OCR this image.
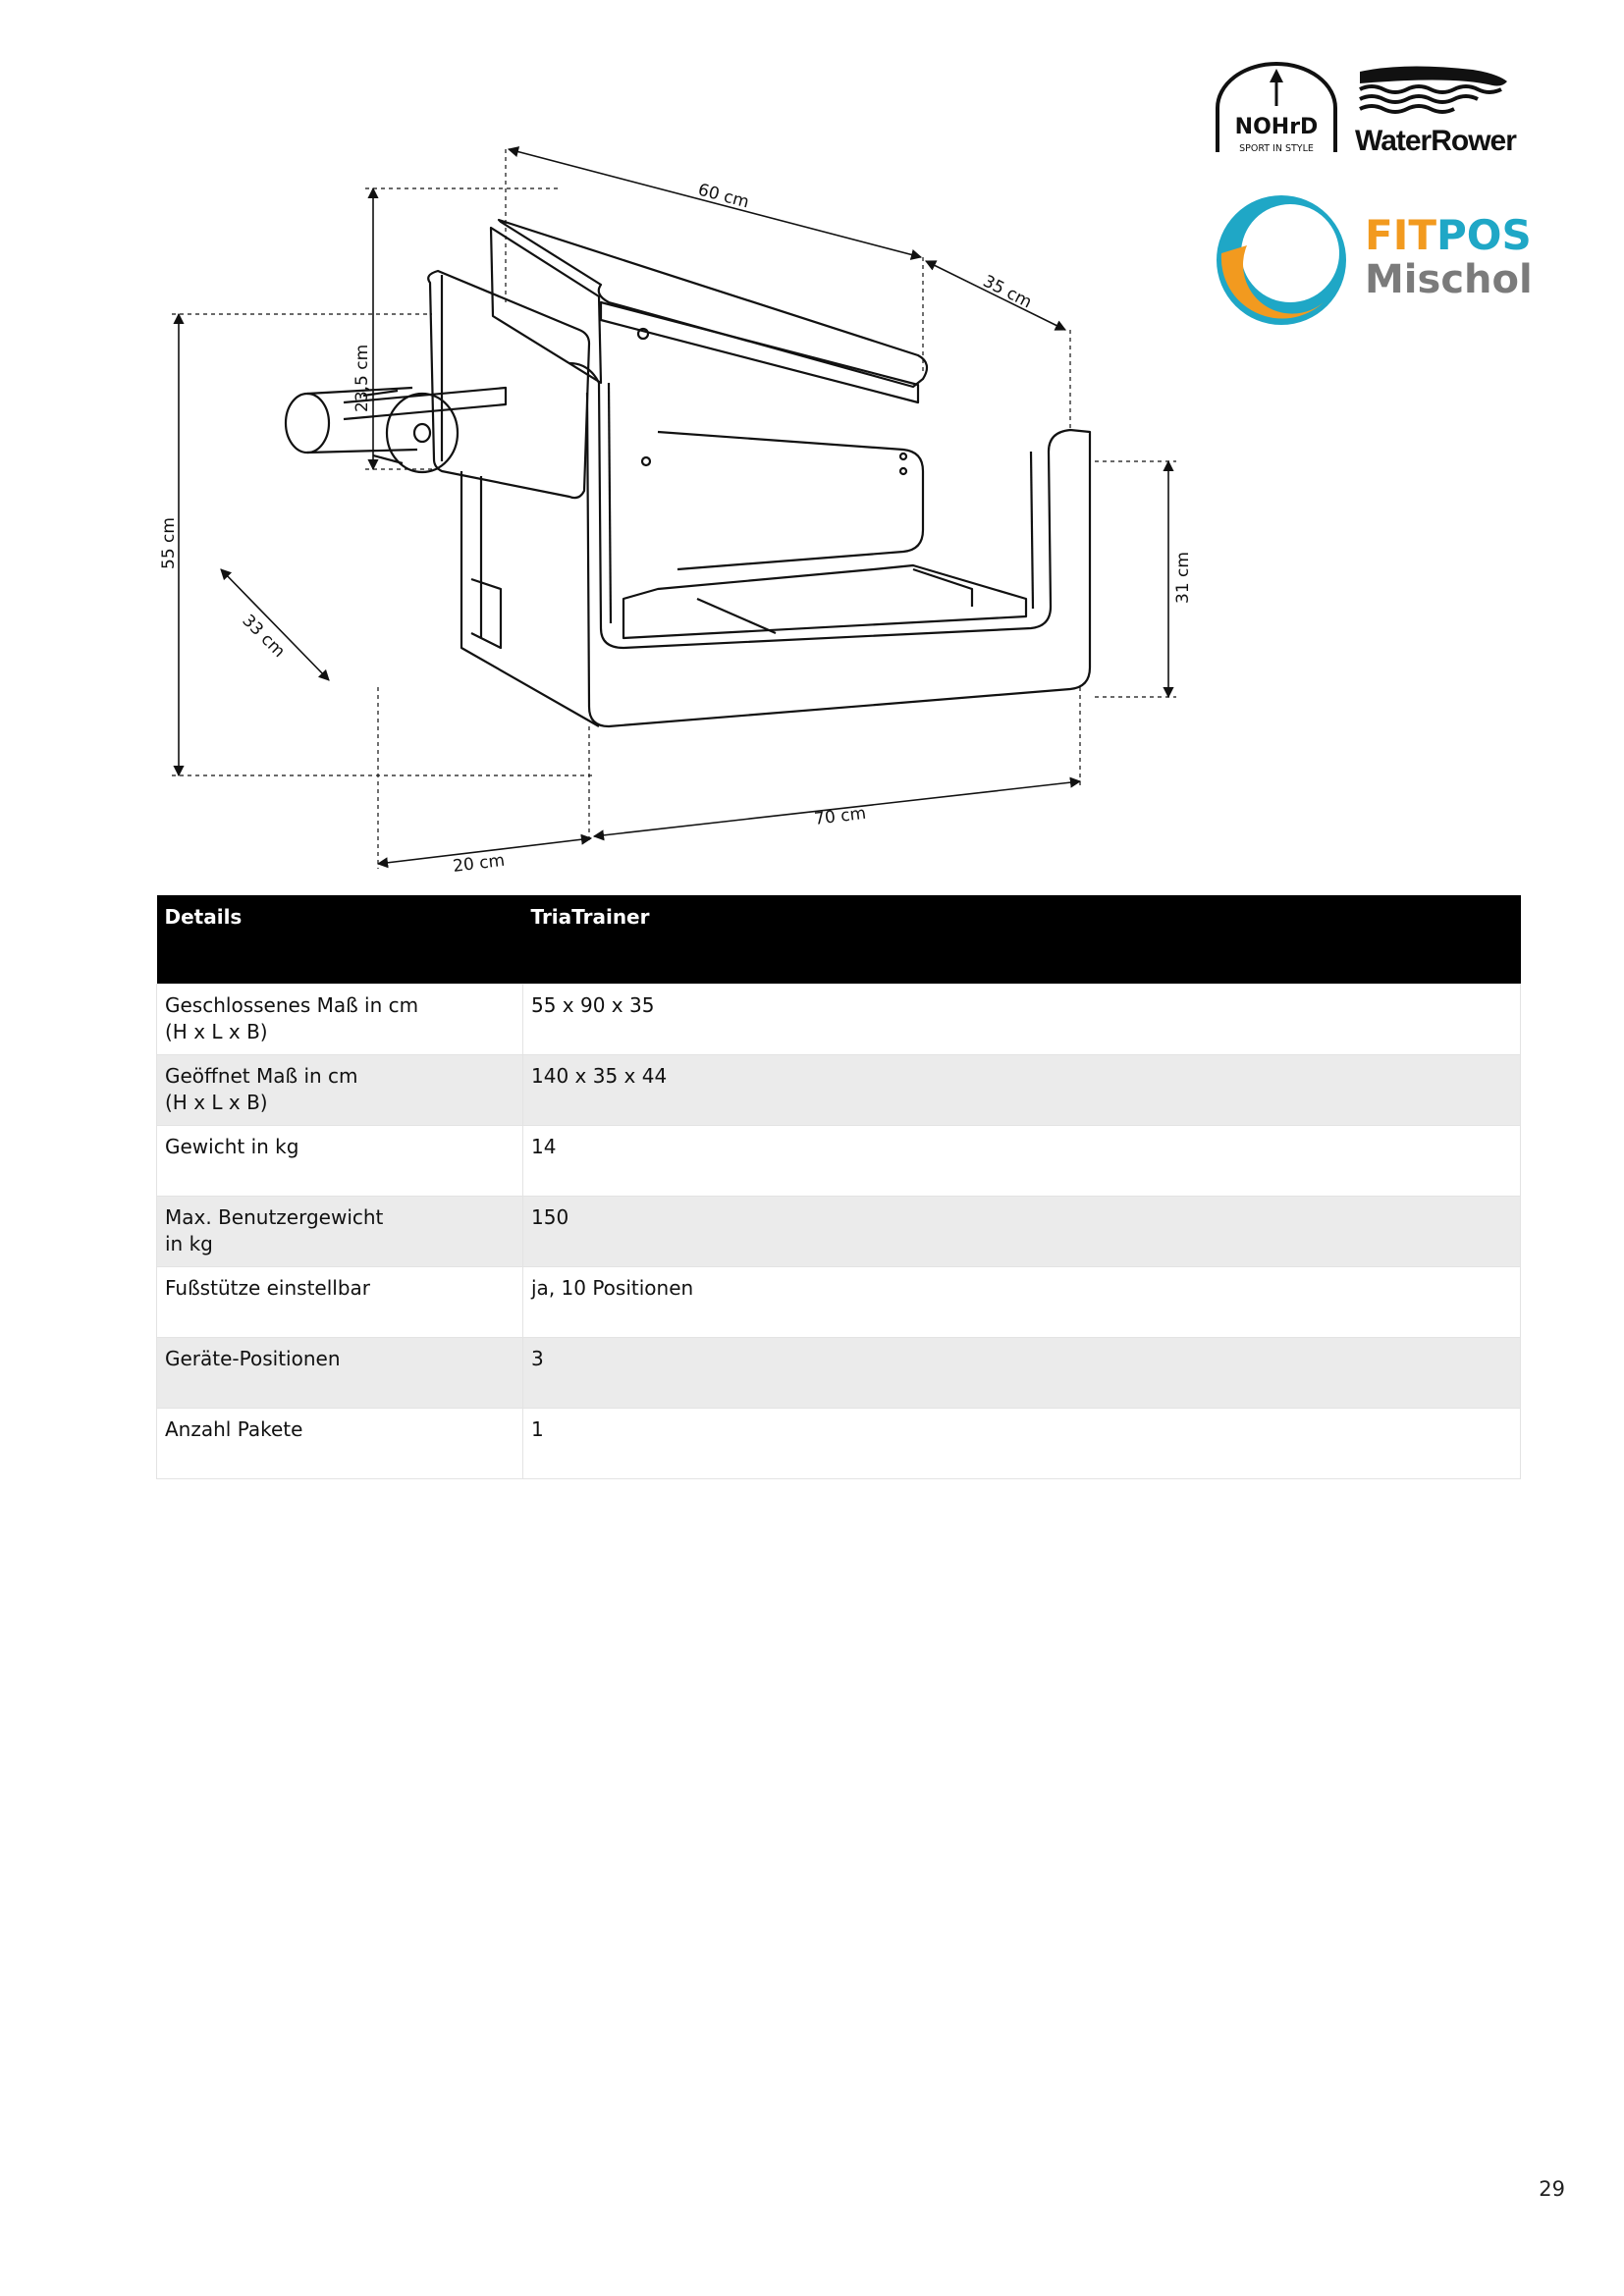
NOHrD
SPORT IN STYLE WaterRower
FITPOS
Mischol
60 cm
35 cm
23,5 cm
55 cm
33 cm
31 cm
70 cm
20 cm
Details	TriaTrainer

Geschlossenes Maß in cm
(H x L x B)	55 x 90 x 35

Geöffnet Maß in cm
(H x L x B)	140 x 35 x 44

Gewicht in kg	14

Max. Benutzergewicht
in kg	150

Fußstütze einstellbar	ja, 10 Positionen

Geräte-Positionen	3

Anzahl Pakete	1
29
